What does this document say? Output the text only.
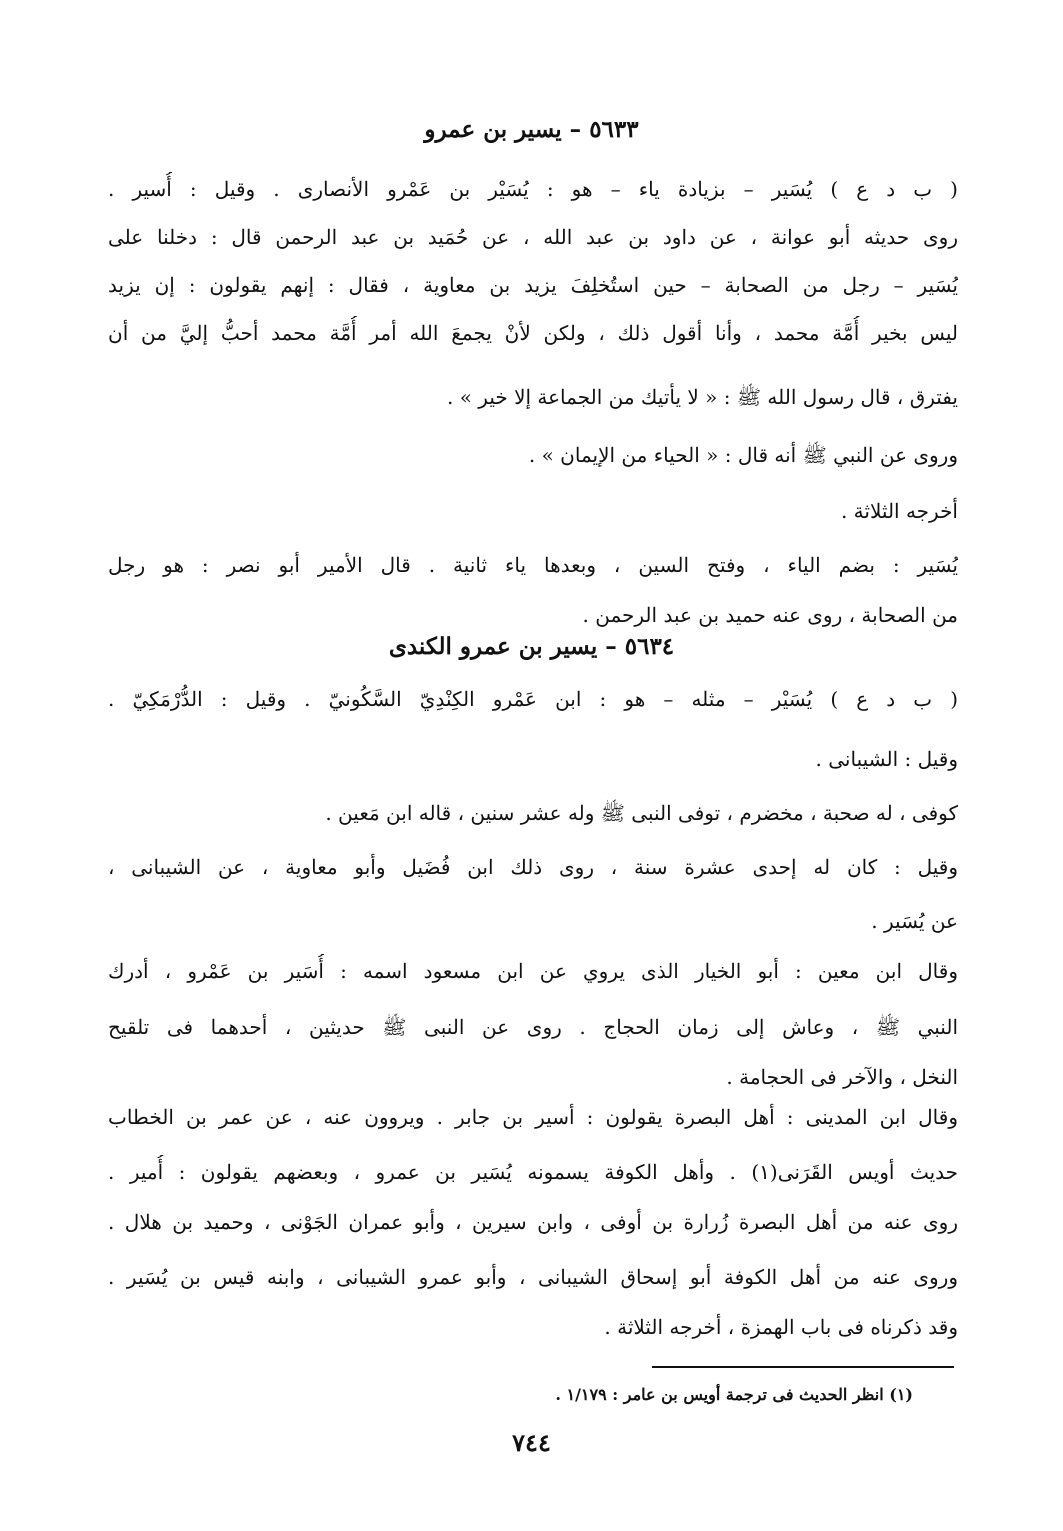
٥٦٣٣ – يسير بن عمرو
( ب د ع ) يُسَير – بزيادة ياء – هو : يُسَيْر بن عَمْرو الأنصارى . وقيل : أُسير .
روى حديثه أبو عوانة ، عن داود بن عبد الله ، عن حُمَيد بن عبد الرحمن قال : دخلنا على
يُسَير – رجل من الصحابة – حين استُخلِفَ يزيد بن معاوية ، فقال : إنهم يقولون : إن يزيد
ليس بخير أُمَّة محمد ، وأنا أقول ذلك ، ولكن لأنْ يجمعَ الله أمر أُمَّة محمد أحبُّ إليَّ من أن
يفترق ، قال رسول الله ﷺ : « لا يأتيك من الجماعة إلا خير » .
وروى عن النبي ﷺ أنه قال : « الحياء من الإيمان » .
أخرجه الثلاثة .
يُسَير : بضم الياء ، وفتح السين ، وبعدها ياء ثانية . قال الأمير أبو نصر : هو رجل
من الصحابة ، روى عنه حميد بن عبد الرحمن .
٥٦٣٤ – يسير بن عمرو الكندى
( ب د ع ) يُسَيْر – مثله – هو : ابن عَمْرو الكِنْدِيّ السَّكُونيّ . وقيل : الدُّرْمَكِيّ .
وقيل : الشيبانى .
كوفى ، له صحبة ، مخضرم ، توفى النبى ﷺ وله عشر سنين ، قاله ابن مَعين .
وقيل : كان له إحدى عشرة سنة ، روى ذلك ابن فُضَيل وأبو معاوية ، عن الشيبانى ،
عن يُسَير .
وقال ابن معين : أبو الخيار الذى يروي عن ابن مسعود اسمه : أُسَير بن عَمْرو ، أدرك
النبي ﷺ ، وعاش إلى زمان الحجاج . روى عن النبى ﷺ حديثين ، أحدهما فى تلقيح
النخل ، والآخر فى الحجامة .
وقال ابن المدينى : أهل البصرة يقولون : أسير بن جابر . ويروون عنه ، عن عمر بن الخطاب
حديث أويس القَرَنى(١) . وأهل الكوفة يسمونه يُسَير بن عمرو ، وبعضهم يقولون : أُمير .
روى عنه من أهل البصرة زُرارة بن أوفى ، وابن سيرين ، وأبو عمران الجَوْنى ، وحميد بن هلال .
وروى عنه من أهل الكوفة أبو إسحاق الشيبانى ، وأبو عمرو الشيبانى ، وابنه قيس بن يُسَير .
وقد ذكرناه فى باب الهمزة ، أخرجه الثلاثة .
(١) انظر الحديث فى ترجمة أويس بن عامر : ١/١٧٩ .
٧٤٤
